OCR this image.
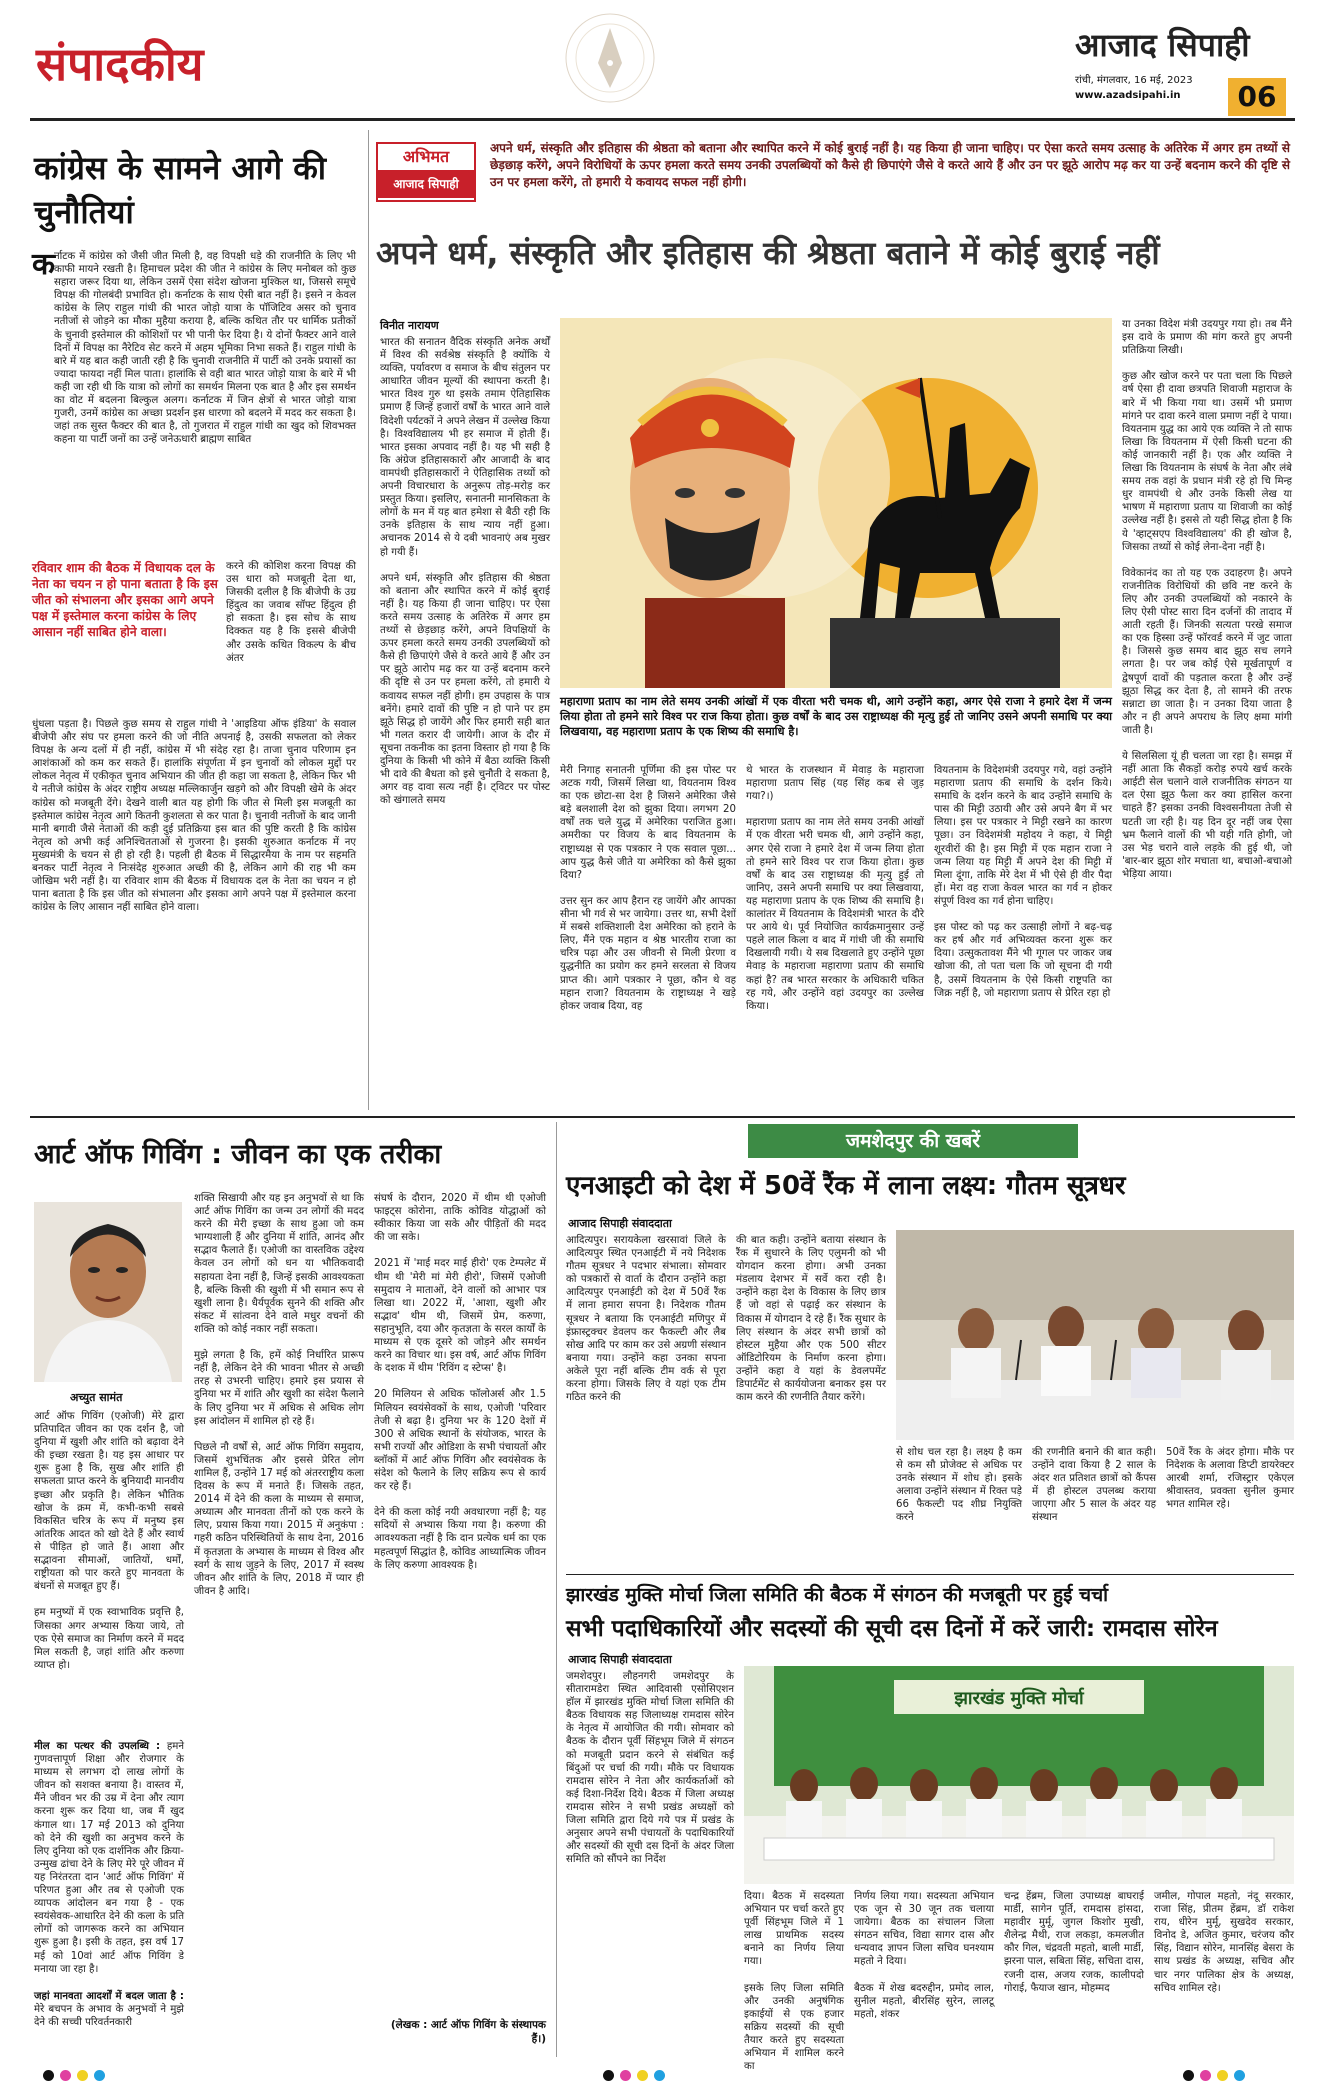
संपादकीय	आजाद सिपाही
रांची, मंगलवार, 16 मई, 2023
www.azadsipahi.in	06
कांग्रेस के सामने आगे की चुनौतियां
क
र्नाटक में कांग्रेस को जैसी जीत मिली है, वह विपक्षी धड़े की राजनीति के लिए भी काफी मायने रखती है। हिमाचल प्रदेश की जीत ने कांग्रेस के लिए मनोबल को कुछ सहारा जरूर दिया था, लेकिन उसमें ऐसा संदेश खोजना मुश्किल था, जिससे समूचे विपक्ष की गोलबंदी प्रभावित हो। कर्नाटक के साथ ऐसी बात नहीं है। इसने न केवल कांग्रेस के लिए राहुल गांधी की भारत जोड़ो यात्रा के पॉजिटिव असर को चुनाव नतीजों से जोड़ने का मौका मुहैया कराया है, बल्कि कथित तौर पर धार्मिक प्रतीकों के चुनावी इस्तेमाल की कोशिशों पर भी पानी फेर दिया है। ये दोनों फैक्टर आने वाले दिनों में विपक्ष का नैरेटिव सेट करने में अहम भूमिका निभा सकते हैं। राहुल गांधी के बारे में यह बात कही जाती रही है कि चुनावी राजनीति में पार्टी को उनके प्रयासों का ज्यादा फायदा नहीं मिल पाता। हालांकि से वही बात भारत जोड़ो यात्रा के बारे में भी कही जा रही थी कि यात्रा को लोगों का समर्थन मिलना एक बात है और इस समर्थन का वोट में बदलना बिल्कुल अलग। कर्नाटक में जिन क्षेत्रों से भारत जोड़ो यात्रा गुजरी, उनमें कांग्रेस का अच्छा प्रदर्शन इस धारणा को बदलने में मदद कर सकता है। जहां तक सुस्त फैक्टर की बात है, तो गुजरात में राहुल गांधी का खुद को शिवभक्त कहना या पार्टी जनों का उन्हें जनेऊधारी ब्राह्मण साबित
रविवार शाम की बैठक में विधायक दल के नेता का चयन न हो पाना बताता है कि इस जीत को संभालना और इसका आगे अपने पक्ष में इस्तेमाल करना कांग्रेस के लिए आसान नहीं साबित होने वाला।
करने की कोशिश करना विपक्ष की उस धारा को मजबूती देता था, जिसकी दलील है कि बीजेपी के उग्र हिंदुत्व का जवाब सॉफ्ट हिंदुत्व ही हो सकता है। इस सोच के साथ दिक्कत यह है कि इससे बीजेपी और उसके कथित विकल्प के बीच अंतर
धुंधला पड़ता है। पिछले कुछ समय से राहुल गांधी ने 'आइडिया ऑफ इंडिया' के सवाल बीजेपी और संघ पर हमला करने की जो नीति अपनाई है, उसकी सफलता को लेकर विपक्ष के अन्य दलों में ही नहीं, कांग्रेस में भी संदेह रहा है। ताजा चुनाव परिणाम इन आशंकाओं को कम कर सकते हैं। हालांकि संपूर्णता में इन चुनावों को लोकल मुद्दों पर लोकल नेतृत्व में एकीकृत चुनाव अभियान की जीत ही कहा जा सकता है, लेकिन फिर भी ये नतीजे कांग्रेस के अंदर राष्ट्रीय अध्यक्ष मल्लिकार्जुन खड़गे को और विपक्षी खेमे के अंदर कांग्रेस को मजबूती देंगे। देखने वाली बात यह होगी कि जीत से मिली इस मजबूती का इस्तेमाल कांग्रेस नेतृत्व आगे कितनी कुशलता से कर पाता है। चुनावी नतीजों के बाद जानी मानी बगावी जैसे नेताओं की कड़ी दुई प्रतिक्रिया इस बात की पुष्टि करती है कि कांग्रेस नेतृत्व को अभी कई अनिश्चितताओं से गुजरना है। इसकी शुरुआत कर्नाटक में नए मुख्यमंत्री के चयन से ही हो रही है। पहली ही बैठक में सिद्धारमैया के नाम पर सहमति बनकर पार्टी नेतृत्व ने निःसंदेह शुरुआत अच्छी की है, लेकिन आगे की राह भी कम जोखिम भरी नहीं है। या रविवार शाम की बैठक में विधायक दल के नेता का चयन न हो पाना बताता है कि इस जीत को संभालना और इसका आगे अपने पक्ष में इस्तेमाल करना कांग्रेस के लिए आसान नहीं साबित होने वाला।
अभिमत
आजाद सिपाही
अपने धर्म, संस्कृति और इतिहास की श्रेष्ठता को बताना और स्थापित करने में कोई बुराई नहीं है। यह किया ही जाना चाहिए। पर ऐसा करते समय उत्साह के अतिरेक में अगर हम तथ्यों से छेड़छाड़ करेंगे, अपने विरोधियों के ऊपर हमला करते समय उनकी उपलब्धियों को कैसे ही छिपाएंगे जैसे वे करते आये हैं और उन पर झूठे आरोप मढ़ कर या उन्हें बदनाम करने की दृष्टि से उन पर हमला करेंगे, तो हमारी ये कवायद सफल नहीं होगी।
अपने धर्म, संस्कृति और इतिहास की श्रेष्ठता बताने में कोई बुराई नहीं
विनीत नारायण
भारत की सनातन वैदिक संस्कृति अनेक अर्थों में विश्व की सर्वश्रेष्ठ संस्कृति है क्योंकि ये व्यक्ति, पर्यावरण व समाज के बीच संतुलन पर आधारित जीवन मूल्यों की स्थापना करती है। भारत विश्व गुरु था इसके तमाम ऐतिहासिक प्रमाण हैं जिन्हें हजारों वर्षों के भारत आने वाले विदेशी पर्यटकों ने अपने लेखन में उल्लेख किया है। विश्वविद्यालय भी हर समाज में होती हैं। भारत इसका अपवाद नहीं है। यह भी सही है कि अंग्रेज इतिहासकारों और आजादी के बाद वामपंथी इतिहासकारों ने ऐतिहासिक तथ्यों को अपनी विचारधारा के अनुरूप तोड़-मरोड़ कर प्रस्तुत किया। इसलिए, सनातनी मानसिकता के लोगों के मन में यह बात हमेशा से बैठी रही कि उनके इतिहास के साथ न्याय नहीं हुआ। अचानक 2014 से ये दबी भावनाएं अब मुखर हो गयी हैं।

अपने धर्म, संस्कृति और इतिहास की श्रेष्ठता को बताना और स्थापित करने में कोई बुराई नहीं है। यह किया ही जाना चाहिए। पर ऐसा करते समय उत्साह के अतिरेक में अगर हम तथ्यों से छेड़छाड़ करेंगे, अपने विपक्षियों के ऊपर हमला करते समय उनकी उपलब्धियों को कैसे ही छिपाएंगे जैसे वे करते आये हैं और उन पर झूठे आरोप मढ़ कर या उन्हें बदनाम करने की दृष्टि से उन पर हमला करेंगे, तो हमारी ये कवायद सफल नहीं होगी। हम उपहास के पात्र बनेंगे। हमारे दावों की पुष्टि न हो पाने पर हम झूठे सिद्ध हो जायेंगे और फिर हमारी सही बात भी गलत करार दी जायेगी। आज के दौर में सूचना तकनीक का इतना विस्तार हो गया है कि दुनिया के किसी भी कोने में बैठा व्यक्ति किसी भी दावे की बैधता को इसे चुनौती दे सकता है, अगर वह दावा सत्य नहीं है। ट्विटर पर पोस्ट को खंगालते समय
महाराणा प्रताप का नाम लेते समय उनकी आंखों में एक वीरता भरी चमक थी, आगे उन्होंने कहा, अगर ऐसे राजा ने हमारे देश में जन्म लिया होता तो हमने सारे विश्व पर राज किया होता। कुछ वर्षों के बाद उस राष्ट्राध्यक्ष की मृत्यु हुई तो जानिए उसने अपनी समाधि पर क्या लिखवाया, वह महाराणा प्रताप के एक शिष्य की समाधि है।
या उनका विदेश मंत्री उदयपुर गया हो। तब मैंने इस दावे के प्रमाण की मांग करते हुए अपनी प्रतिक्रिया लिखी।

कुछ और खोज करने पर पता चला कि पिछले वर्ष ऐसा ही दावा छत्रपति शिवाजी महाराज के बारे में भी किया गया था। उसमें भी प्रमाण मांगने पर दावा करने वाला प्रमाण नहीं दे पाया। वियतनाम युद्ध का आये एक व्यक्ति ने तो साफ लिखा कि वियतनाम में ऐसी किसी घटना की कोई जानकारी नहीं है। एक और व्यक्ति ने लिखा कि वियतनाम के संघर्ष के नेता और लंबे समय तक वहां के प्रधान मंत्री रहे हो चि मिन्ह धुर वामपंथी थे और उनके किसी लेख या भाषण में महाराणा प्रताप या शिवाजी का कोई उल्लेख नहीं है। इससे तो यही सिद्ध होता है कि ये 'व्हाट्सएप विश्वविद्यालय' की ही खोज है, जिसका तथ्यों से कोई लेना-देना नहीं है।

विवेकानंद का तो यह एक उदाहरण है। अपने राजनीतिक विरोधियों की छवि नष्ट करने के लिए और उनकी उपलब्धियों को नकारने के लिए ऐसी पोस्ट सारा दिन दर्जनों की तादाद में आती रहती हैं। जिनकी सत्यता परखे समाज का एक हिस्सा उन्हें फॉरवर्ड करने में जुट जाता है। जिससे कुछ समय बाद झूठ सच लगने लगता है। पर जब कोई ऐसे मूर्खतापूर्ण व द्वेषपूर्ण दावों की पड़ताल करता है और उन्हें झूठा सिद्ध कर देता है, तो सामने की तरफ सन्नाटा छा जाता है। न उनका दिया जाता है और न ही अपने अपराध के लिए क्षमा मांगी जाती है।

ये सिलसिला यूं ही चलता जा रहा है। समझ में नहीं आता कि सैकड़ों करोड़ रुपये खर्च करके आईटी सेल चलाने वाले राजनीतिक संगठन या दल ऐसा झूठ फैला कर क्या हासिल करना चाहते हैं? इसका उनकी विश्वसनीयता तेजी से घटती जा रही है। यह दिन दूर नहीं जब ऐसा भ्रम फैलाने वालों की भी यही गति होगी, जो उस भेड़ चराने वाले लड़के की हुई थी, जो 'बार-बार झूठा शोर मचाता था, बचाओ-बचाओ भेड़िया आया।
मेरी निगाह सनातनी पूर्णिमा की इस पोस्ट पर अटक गयी, जिसमें लिखा था, वियतनाम विश्व का एक छोटा-सा देश है जिसने अमेरिका जैसे बड़े बलशाली देश को झुका दिया। लगभग 20 वर्षों तक चले युद्ध में अमेरिका पराजित हुआ। अमरीका पर विजय के बाद वियतनाम के राष्ट्राध्यक्ष से एक पत्रकार ने एक सवाल पूछा... आप युद्ध कैसे जीते या अमेरिका को कैसे झुका दिया?

उत्तर सुन कर आप हैरान रह जायेंगे और आपका सीना भी गर्व से भर जायेगा। उत्तर था, सभी देशों में सबसे शक्तिशाली देश अमेरिका को हराने के लिए, मैंने एक महान व श्रेष्ठ भारतीय राजा का चरित्र पढ़ा और उस जीवनी से मिली प्रेरणा व युद्धनीति का प्रयोग कर हमने सरलता से विजय प्राप्त की। आगे पत्रकार ने पूछा, कौन थे वह महान राजा? वियतनाम के राष्ट्राध्यक्ष ने खड़े होकर जवाब दिया, वह
थे भारत के राजस्थान में मेवाड़ के महाराजा महाराणा प्रताप सिंह (यह सिंह कब से जुड़ गया?।)

महाराणा प्रताप का नाम लेते समय उनकी आंखों में एक वीरता भरी चमक थी, आगे उन्होंने कहा, अगर ऐसे राजा ने हमारे देश में जन्म लिया होता तो हमने सारे विश्व पर राज किया होता। कुछ वर्षों के बाद उस राष्ट्राध्यक्ष की मृत्यु हुई तो जानिए, उसने अपनी समाधि पर क्या लिखवाया, यह महाराणा प्रताप के एक शिष्य की समाधि है। कालांतर में वियतनाम के विदेशमंत्री भारत के दौरे पर आये थे। पूर्व नियोजित कार्यक्रमानुसार उन्हें पहले लाल किला व बाद में गांधी जी की समाधि दिखलायी गयी। ये सब दिखलाते हुए उन्होंने पूछा मेवाड़ के महाराजा महाराणा प्रताप की समाधि कहां है? तब भारत सरकार के अधिकारी चकित रह गये, और उन्होंने वहां उदयपुर का उल्लेख किया।
वियतनाम के विदेशमंत्री उदयपुर गये, वहां उन्होंने महाराणा प्रताप की समाधि के दर्शन किये। समाधि के दर्शन करने के बाद उन्होंने समाधि के पास की मिट्टी उठायी और उसे अपने बैग में भर लिया। इस पर पत्रकार ने मिट्टी रखने का कारण पूछा। उन विदेशमंत्री महोदय ने कहा, ये मिट्टी शूरवीरों की है। इस मिट्टी में एक महान राजा ने जन्म लिया यह मिट्टी मैं अपने देश की मिट्टी में मिला दूंगा, ताकि मेरे देश में भी ऐसे ही वीर पैदा हों। मेरा वह राजा केवल भारत का गर्व न होकर संपूर्ण विश्व का गर्व होना चाहिए।

इस पोस्ट को पढ़ कर उत्साही लोगों ने बढ़-चढ़ कर हर्ष और गर्व अभिव्यक्त करना शुरू कर दिया। उत्सुकतावश मैंने भी गूगल पर जाकर जब खोजा की, तो पता चला कि जो सूचना दी गयी है, उसमें वियतनाम के ऐसे किसी राष्ट्रपति का जिक्र नहीं है, जो महाराणा प्रताप से प्रेरित रहा हो
आर्ट ऑफ गिविंग : जीवन का एक तरीका
अच्युत सामंत
आर्ट ऑफ गिविंग (एओजी) मेरे द्वारा प्रतिपादित जीवन का एक दर्शन है, जो दुनिया में खुशी और शांति को बढ़ावा देने की इच्छा रखता है। यह इस आधार पर शुरू हुआ है कि, सुख और शांति ही सफलता प्राप्त करने के बुनियादी मानवीय इच्छा और प्रकृति है। लेकिन भौतिक खोज के क्रम में, कभी-कभी सबसे विकसित चरित्र के रूप में मनुष्य इस आंतरिक आदत को खो देते हैं और स्वार्थ से पीड़ित हो जाते हैं। आशा और सद्भावना सीमाओं, जातियों, धर्मों, राष्ट्रीयता को पार करते हुए मानवता के बंधनों से मजबूत हुए हैं।

हम मनुष्यों में एक स्वाभाविक प्रवृत्ति है, जिसका अगर अभ्यास किया जाये, तो एक ऐसे समाज का निर्माण करने में मदद मिल सकती है, जहां शांति और करुणा व्याप्त हो।
मील का पत्थर की उपलब्धि : हमने गुणवत्तापूर्ण शिक्षा और रोजगार के माध्यम से लगभग दो लाख लोगों के जीवन को सशक्त बनाया है। वास्तव में, मैंने जीवन भर की उम्र में देना और त्याग करना शुरू कर दिया था, जब मैं खुद कंगाल था। 17 मई 2013 को दुनिया को देने की खुशी का अनुभव करने के लिए दुनिया को एक दार्शनिक और क्रिया-उन्मुख ढांचा देने के लिए मेरे पूरे जीवन में यह निरंतरता दान 'आर्ट ऑफ गिविंग' में परिणत हुआ और तब से एओजी एक व्यापक आंदोलन बन गया है - एक स्वयंसेवक-आधारित देने की कला के प्रति लोगों को जागरूक करने का अभियान शुरू हुआ है। इसी के तहत, इस वर्ष 17 मई को 10वां आर्ट ऑफ गिविंग डे मनाया जा रहा है।
जहां मानवता आदर्शों में बदल जाता है : मेरे बचपन के अभाव के अनुभवों ने मुझे देने की सच्ची परिवर्तनकारी
शक्ति सिखायी और यह इन अनुभवों से था कि आर्ट ऑफ गिविंग का जन्म उन लोगों की मदद करने की मेरी इच्छा के साथ हुआ जो कम भाग्यशाली हैं और दुनिया में शांति, आनंद और सद्भाव फैलाते हैं। एओजी का वास्तविक उद्देश्य केवल उन लोगों को धन या भौतिकवादी सहायता देना नहीं है, जिन्हें इसकी आवश्यकता है, बल्कि किसी की खुशी में भी समान रूप से खुशी लाना है। धैर्यपूर्वक सुनने की शक्ति और संकट में सांत्वना देने वाले मधुर वचनों की शक्ति को कोई नकार नहीं सकता।

मुझे लगता है कि, हमें कोई निर्धारित प्रारूप नहीं है, लेकिन देने की भावना भीतर से अच्छी तरह से उभरनी चाहिए। हमारे इस प्रयास से दुनिया भर में शांति और खुशी का संदेश फैलाने के लिए दुनिया भर में अधिक से अधिक लोग इस आंदोलन में शामिल हो रहे हैं।

पिछले नौ वर्षों से, आर्ट ऑफ गिविंग समुदाय, जिसमें शुभचिंतक और इससे प्रेरित लोग शामिल हैं, उन्होंने 17 मई को अंतरराष्ट्रीय कला दिवस के रूप में मनाते हैं। जिसके तहत, 2014 में देने की कला के माध्यम से समाज, अध्यात्म और मानवता तीनों को एक करने के लिए, प्रयास किया गया। 2015 में अनुकंपा : गहरी कठिन परिस्थितियों के साथ देना, 2016 में कृतज्ञता के अभ्यास के माध्यम से विश्व और स्वर्ग के साथ जुड़ने के लिए, 2017 में स्वस्थ जीवन और शांति के लिए, 2018 में प्यार ही जीवन है आदि।
संघर्ष के दौरान, 2020 में थीम थी एओजी फाइट्स कोरोना, ताकि कोविड योद्धाओं को स्वीकार किया जा सके और पीड़ितों की मदद की जा सके।

2021 में 'माई मदर माई हीरो' एक टेम्पलेट में थीम थी 'मेरी मां मेरी हीरो', जिसमें एओजी समुदाय ने माताओं, देने वालों को आभार पत्र लिखा था। 2022 में, 'आशा, खुशी और सद्भाव' थीम थी, जिसमें प्रेम, करुणा, सहानुभूति, दया और कृतज्ञता के सरल कार्यों के माध्यम से एक दूसरे को जोड़ने और समर्थन करने का विचार था। इस वर्ष, आर्ट ऑफ गिविंग के दशक में थीम 'रिविंग द स्टेप्स' है।

20 मिलियन से अधिक फॉलोअर्स और 1.5 मिलियन स्वयंसेवकों के साथ, एओजी 'परिवार तेजी से बढ़ा है। दुनिया भर के 120 देशों में 300 से अधिक स्थानों के संयोजक, भारत के सभी राज्यों और ओडिशा के सभी पंचायतों और ब्लॉकों में आर्ट ऑफ गिविंग और स्वयंसेवक के संदेश को फैलाने के लिए सक्रिय रूप से कार्य कर रहे हैं।

देने की कला कोई नयी अवधारणा नहीं है; यह सदियों से अभ्यास किया गया है। करुणा की आवश्यकता नहीं है कि दान प्रत्येक धर्म का एक महत्वपूर्ण सिद्धांत है, कोविड आध्यात्मिक जीवन के लिए करुणा आवश्यक है।
(लेखक : आर्ट ऑफ गिविंग के संस्थापक हैं।)
जमशेदपुर की खबरें
एनआइटी को देश में 50वें रैंक में लाना लक्ष्य: गौतम सूत्रधर
आजाद सिपाही संवाददाता
आदित्यपुर। सरायकेला खरसावां जिले के आदित्यपुर स्थित एनआईटी में नये निदेशक गौतम सूत्रधर ने पदभार संभाला। सोमवार को पत्रकारों से वार्ता के दौरान उन्होंने कहा आदित्यपुर एनआईटी को देश में 50वें रैंक में लाना हमारा सपना है। निदेशक गौतम सूत्रधर ने बताया कि एनआईटी मणिपुर में इंफ्रास्ट्रक्चर डेवलप कर फैकल्टी और लैब सोख आदि पर काम कर उसे अग्रणी संस्थान बनाया गया। उन्होंने कहा उनका सपना अकेले पूरा नहीं बल्कि टीम वर्क से पूरा करना होगा। जिसके लिए वे यहां एक टीम गठित करने की
की बात कही। उन्होंने बताया संस्थान के रैंक में सुधारने के लिए एलुमनी को भी योगदान करना होगा। अभी उनका मंडलाय देशभर में सर्वे करा रही है। उन्होंने कहा देश के विकास के लिए छात्र हैं जो वहां से पढ़ाई कर संस्थान के विकास में योगदान दे रहे हैं। रैंक सुधार के लिए संस्थान के अंदर सभी छात्रों को होस्टल मुहैया और एक 500 सीटर ऑडिटोरियम के निर्माण करना होगा। उन्होंने कहा वे यहां के डेवलपमेंट डिपार्टमेंट से कार्ययोजना बनाकर इस पर काम करने की रणनीति तैयार करेंगे।
से शोध चल रहा है। लक्ष्य है कम से कम सौ प्रोजेक्ट से अधिक पर उनके संस्थान में शोध हो। इसके अलावा उन्होंने संस्थान में रिक्त पड़े 66 फैकल्टी पद शीघ्र नियुक्ति करने
की रणनीति बनाने की बात कही। उन्होंने दावा किया है 2 साल के अंदर शत प्रतिशत छात्रों को कैंपस में ही होस्टल उपलब्ध कराया जाएगा और 5 साल के अंदर यह संस्थान
50वें रैंक के अंदर होगा। मौके पर निदेशक के अलावा डिप्टी डायरेक्टर आरबी शर्मा, रजिस्ट्रार एकेएल श्रीवास्तव, प्रवक्ता सुनील कुमार भगत शामिल रहे।
झारखंड मुक्ति मोर्चा जिला समिति की बैठक में संगठन की मजबूती पर हुई चर्चा
सभी पदाधिकारियों और सदस्यों की सूची दस दिनों में करें जारी: रामदास सोरेन
आजाद सिपाही संवाददाता
जमशेदपुर। लौहनगरी जमशेदपुर के सीतारामडेरा स्थित आदिवासी एसोसिएशन हॉल में झारखंड मुक्ति मोर्चा जिला समिति की बैठक विधायक सह जिलाध्यक्ष रामदास सोरेन के नेतृत्व में आयोजित की गयी। सोमवार को बैठक के दौरान पूर्वी सिंहभूम जिले में संगठन को मजबूती प्रदान करने से संबंधित कई बिंदुओं पर चर्चा की गयी। मौके पर विधायक रामदास सोरेन ने नेता और कार्यकर्ताओं को कई दिशा-निर्देश दिये। बैठक में जिला अध्यक्ष रामदास सोरेन ने सभी प्रखंड अध्यक्षों को जिला समिति द्वारा दिये गये पत्र में प्रखंड के अनुसार अपने सभी पंचायतों के पदाधिकारियों और सदस्यों की सूची दस दिनों के अंदर जिला समिति को सौंपने का निर्देश
झारखंड मुक्ति मोर्चा
दिया। बैठक में सदस्यता अभियान पर चर्चा करते हुए पूर्वी सिंहभूम जिले में 1 लाख प्राथमिक सदस्य बनाने का निर्णय लिया गया।

इसके लिए जिला समिति और उनकी अनुषंगिक इकाईयों से एक हजार सक्रिय सदस्यों की सूची तैयार करते हुए सदस्यता अभियान में शामिल करने का
निर्णय लिया गया। सदस्यता अभियान एक जून से 30 जून तक चलाया जायेगा। बैठक का संचालन जिला संगठन सचिव, विद्या सागर दास और धन्यवाद ज्ञापन जिला सचिव घनश्याम महतो ने दिया।

बैठक में शेख बदरुद्दीन, प्रमोद लाल, सुनील महतो, बीरसिंह सुरेन, लालटू महतो, शंकर
चन्द्र हेंब्रम, जिला उपाध्यक्ष बाघराई मार्डी, सागेन पूर्ति, रामदास हांसदा, महावीर मुर्मू, जुगल किशोर मुखी, शैलेन्द्र मैथी, राज लकड़ा, कमलजीत कौर गिल, चंद्रवती महतो, बाली मार्डी, झरना पाल, सबिता सिंह, सचिता दास, रजनी दास, अजय रजक, कालीपदो गोराई, फैयाज खान, मोहम्मद
जमील, गोपाल महतो, नंदू सरकार, राजा सिंह, प्रीतम हेंब्रम, डॉ राकेश राय, धीरेन मुर्मू, सुखदेव सरकार, विनोद डे, अजित कुमार, चरंजय कौर सिंह, विद्यान सोरेन, मानसिंह बेसरा के साथ प्रखंड के अध्यक्ष, सचिव और चार नगर पालिका क्षेत्र के अध्यक्ष, सचिव शामिल रहे।
